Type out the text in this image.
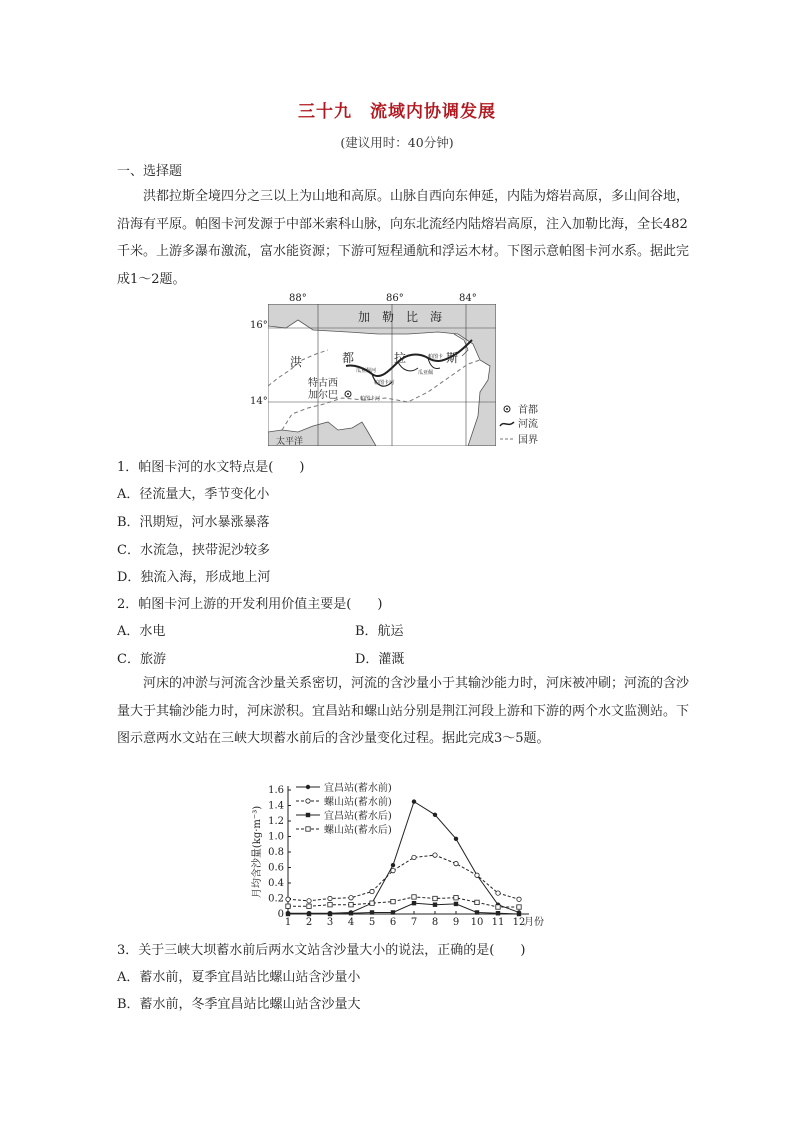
三十九　流域内协调发展
(建议用时：40分钟)
一、选择题
洪都拉斯全境四分之三以上为山地和高原。山脉自西向东伸延，内陆为熔岩高原，多山间谷地，沿海有平原。帕图卡河发源于中部米索科山脉，向东北流经内陆熔岩高原，注入加勒比海，全长482千米。上游多瀑布激流，富水能资源；下游可短程通航和浮运木材。下图示意帕图卡河水系。据此完成1～2题。
88°	86°	84°
16°
14°
加　勒　比　海
太平洋
洪	都	拉	斯
特古西
加尔巴
瓜亚佩河
帕图卡河
瓜亚佩
帕图卡
帕图卡河
首都
河流
国界
1．帕图卡河的水文特点是(　　)
A．径流量大，季节变化小
B．汛期短，河水暴涨暴落
C．水流急，挟带泥沙较多
D．独流入海，形成地上河
2．帕图卡河上游的开发利用价值主要是(　　)
A．水电	B．航运
C．旅游	D．灌溉
河床的冲淤与河流含沙量关系密切，河流的含沙量小于其输沙能力时，河床被冲刷；河流的含沙量大于其输沙能力时，河床淤积。宜昌站和螺山站分别是荆江河段上游和下游的两个水文监测站。下图示意两水文站在三峡大坝蓄水前后的含沙量变化过程。据此完成3～5题。
0
0.2
0.4
0.6
0.8
1.0
1.2
1.4
1.6
1 2 3 4 5 6 7 8 9 10 11 12
月份
月均含沙量(kg·m⁻³)
宜昌站(蓄水前)
螺山站(蓄水前)
宜昌站(蓄水后)
螺山站(蓄水后)
3．关于三峡大坝蓄水前后两水文站含沙量大小的说法，正确的是(　　)
A．蓄水前，夏季宜昌站比螺山站含沙量小
B．蓄水前，冬季宜昌站比螺山站含沙量大
